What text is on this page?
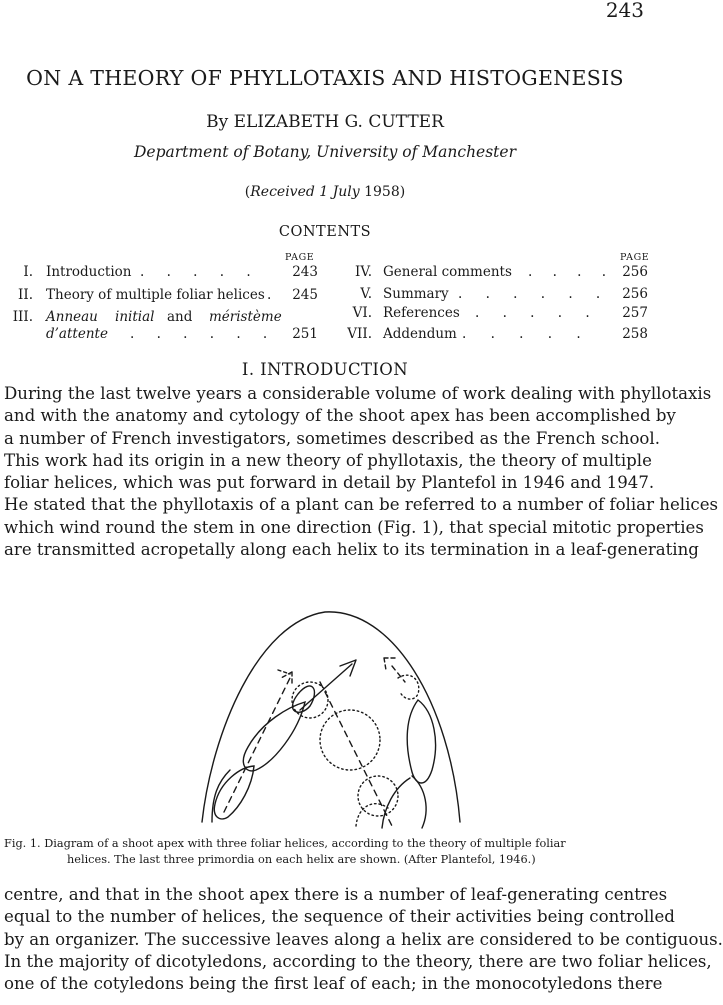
243
ON A THEORY OF PHYLLOTAXIS AND HISTOGENESIS
By ELIZABETH G. CUTTER
Department of Botany, University of Manchester
(Received 1 July 1958)
CONTENTS
PAGE	PAGE
I. Introduction . . . . .	243
II. Theory of multiple foliar helices . 245
III. Anneau initial and méristème
d’attente . . . . . . 251
IV. General comments . . . .	256
V. Summary . . . . . .	256
VI. References . . . . .	257
VII. Addendum . . . . .	258
I. INTRODUCTION
During the last twelve years a considerable volume of work dealing with phyllotaxis
and with the anatomy and cytology of the shoot apex has been accomplished by
a number of French investigators, sometimes described as the French school.
This work had its origin in a new theory of phyllotaxis, the theory of multiple
foliar helices, which was put forward in detail by Plantefol in 1946 and 1947.
He stated that the phyllotaxis of a plant can be referred to a number of foliar helices
which wind round the stem in one direction (Fig. 1), that special mitotic properties
are transmitted acropetally along each helix to its termination in a leaf-generating
Fig. 1. Diagram of a shoot apex with three foliar helices, according to the theory of multiple foliar
helices. The last three primordia on each helix are shown. (After Plantefol, 1946.)
centre, and that in the shoot apex there is a number of leaf-generating centres
equal to the number of helices, the sequence of their activities being controlled
by an organizer. The successive leaves along a helix are considered to be contiguous.
In the majority of dicotyledons, according to the theory, there are two foliar helices,
one of the cotyledons being the first leaf of each; in the monocotyledons there
